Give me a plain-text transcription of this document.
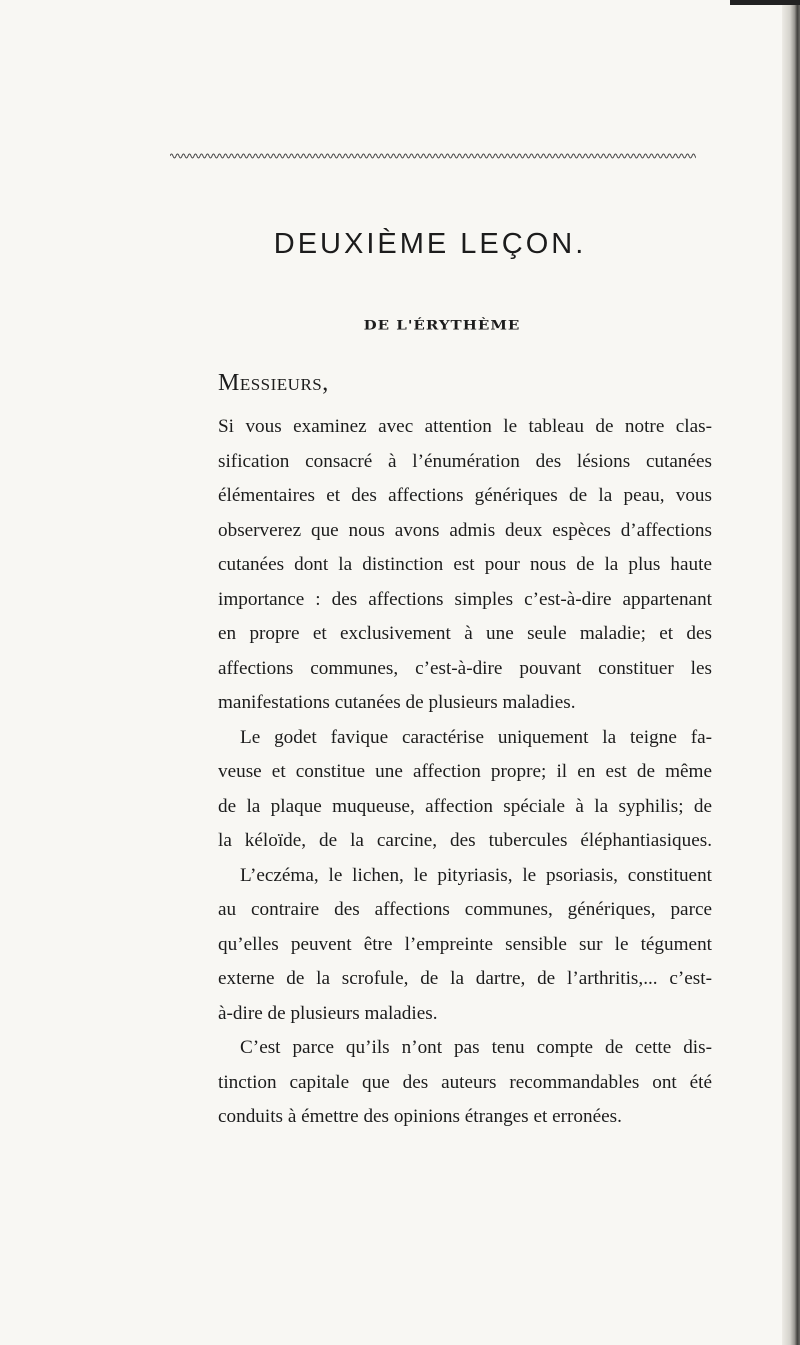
DEUXIÈME LEÇON.
DE L'ÉRYTHÈME
Messieurs,

Si vous examinez avec attention le tableau de notre clas-
sification consacré à l’énumération des lésions cutanées
élémentaires et des affections génériques de la peau, vous
observerez que nous avons admis deux espèces d’affections
cutanées dont la distinction est pour nous de la plus haute
importance : des affections simples c’est-à-dire appartenant
en propre et exclusivement à une seule maladie; et des
affections communes, c’est-à-dire pouvant constituer les
manifestations cutanées de plusieurs maladies.

Le godet favique caractérise uniquement la teigne fa-
veuse et constitue une affection propre; il en est de même
de la plaque muqueuse, affection spéciale à la syphilis; de
la kéloïde, de la carcine, des tubercules éléphantiasiques.

L’eczéma, le lichen, le pityriasis, le psoriasis, constituent
au contraire des affections communes, génériques, parce
qu’elles peuvent être l’empreinte sensible sur le tégument
externe de la scrofule, de la dartre, de l’arthritis,... c’est-
à-dire de plusieurs maladies.

C’est parce qu’ils n’ont pas tenu compte de cette dis-
tinction capitale que des auteurs recommandables ont été
conduits à émettre des opinions étranges et erronées.
